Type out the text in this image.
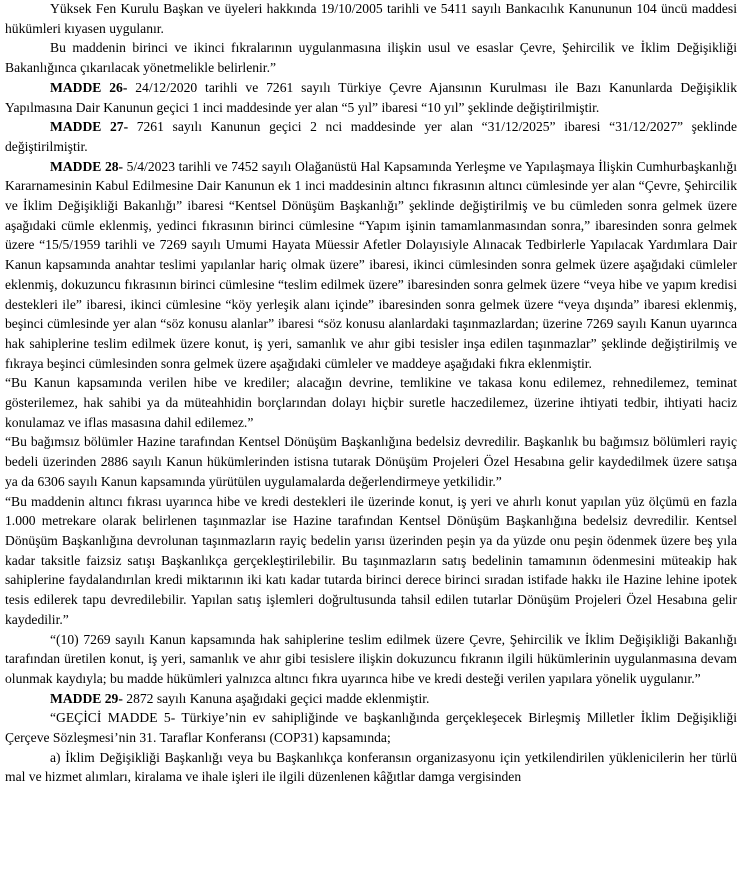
Yüksek Fen Kurulu Başkan ve üyeleri hakkında 19/10/2005 tarihli ve 5411 sayılı Bankacılık Kanununun 104 üncü maddesi hükümleri kıyasen uygulanır.

Bu maddenin birinci ve ikinci fıkralarının uygulanmasına ilişkin usul ve esaslar Çevre, Şehircilik ve İklim Değişikliği Bakanlığınca çıkarılacak yönetmelikle belirlenir.”

MADDE 26- 24/12/2020 tarihli ve 7261 sayılı Türkiye Çevre Ajansının Kurulması ile Bazı Kanunlarda Değişiklik Yapılmasına Dair Kanunun geçici 1 inci maddesinde yer alan “5 yıl” ibaresi “10 yıl” şeklinde değiştirilmiştir.

MADDE 27- 7261 sayılı Kanunun geçici 2 nci maddesinde yer alan “31/12/2025” ibaresi “31/12/2027” şeklinde değiştirilmiştir.

MADDE 28- 5/4/2023 tarihli ve 7452 sayılı Olağanüstü Hal Kapsamında Yerleşme ve Yapılaşmaya İlişkin Cumhurbaşkanlığı Kararnamesinin Kabul Edilmesine Dair Kanunun ek 1 inci maddesinin altıncı fıkrasının altıncı cümlesinde yer alan “Çevre, Şehircilik ve İklim Değişikliği Bakanlığı” ibaresi “Kentsel Dönüşüm Başkanlığı” şeklinde değiştirilmiş ve bu cümleden sonra gelmek üzere aşağıdaki cümle eklenmiş, yedinci fıkrasının birinci cümlesine “Yapım işinin tamamlanmasından sonra,” ibaresinden sonra gelmek üzere “15/5/1959 tarihli ve 7269 sayılı Umumi Hayata Müessir Afetler Dolayısiyle Alınacak Tedbirlerle Yapılacak Yardımlara Dair Kanun kapsamında anahtar teslimi yapılanlar hariç olmak üzere” ibaresi, ikinci cümlesinden sonra gelmek üzere aşağıdaki cümleler eklenmiş, dokuzuncu fıkrasının birinci cümlesine “teslim edilmek üzere” ibaresinden sonra gelmek üzere “veya hibe ve yapım kredisi destekleri ile” ibaresi, ikinci cümlesine “köy yerleşik alanı içinde” ibaresinden sonra gelmek üzere “veya dışında” ibaresi eklenmiş, beşinci cümlesinde yer alan “söz konusu alanlar” ibaresi “söz konusu alanlardaki taşınmazlardan; üzerine 7269 sayılı Kanun uyarınca hak sahiplerine teslim edilmek üzere konut, iş yeri, samanlık ve ahır gibi tesisler inşa edilen taşınmazlar” şeklinde değiştirilmiş ve fıkraya beşinci cümlesinden sonra gelmek üzere aşağıdaki cümleler ve maddeye aşağıdaki fıkra eklenmiştir.

“Bu Kanun kapsamında verilen hibe ve krediler; alacağın devrine, temlikine ve takasa konu edilemez, rehnedilemez, teminat gösterilemez, hak sahibi ya da müteahhidin borçlarından dolayı hiçbir suretle haczedilemez, üzerine ihtiyati tedbir, ihtiyati haciz konulamaz ve iflas masasına dahil edilemez.”

“Bu bağımsız bölümler Hazine tarafından Kentsel Dönüşüm Başkanlığına bedelsiz devredilir. Başkanlık bu bağımsız bölümleri rayiç bedeli üzerinden 2886 sayılı Kanun hükümlerinden istisna tutarak Dönüşüm Projeleri Özel Hesabına gelir kaydedilmek üzere satışa ya da 6306 sayılı Kanun kapsamında yürütülen uygulamalarda değerlendirmeye yetkilidir.”

“Bu maddenin altıncı fıkrası uyarınca hibe ve kredi destekleri ile üzerinde konut, iş yeri ve ahırlı konut yapılan yüz ölçümü en fazla 1.000 metrekare olarak belirlenen taşınmazlar ise Hazine tarafından Kentsel Dönüşüm Başkanlığına bedelsiz devredilir. Kentsel Dönüşüm Başkanlığına devrolunan taşınmazların rayiç bedelin yarısı üzerinden peşin ya da yüzde onu peşin ödenmek üzere beş yıla kadar taksitle faizsiz satışı Başkanlıkça gerçekleştirilebilir. Bu taşınmazların satış bedelinin tamamının ödenmesini müteakip hak sahiplerine faydalandırılan kredi miktarının iki katı kadar tutarda birinci derece birinci sıradan istifade hakkı ile Hazine lehine ipotek tesis edilerek tapu devredilebilir. Yapılan satış işlemleri doğrultusunda tahsil edilen tutarlar Dönüşüm Projeleri Özel Hesabına gelir kaydedilir.”

“(10) 7269 sayılı Kanun kapsamında hak sahiplerine teslim edilmek üzere Çevre, Şehircilik ve İklim Değişikliği Bakanlığı tarafından üretilen konut, iş yeri, samanlık ve ahır gibi tesislere ilişkin dokuzuncu fıkranın ilgili hükümlerinin uygulanmasına devam olunmak kaydıyla; bu madde hükümleri yalnızca altıncı fıkra uyarınca hibe ve kredi desteği verilen yapılara yönelik uygulanır.”

MADDE 29- 2872 sayılı Kanuna aşağıdaki geçici madde eklenmiştir.

“GEÇİCİ MADDE 5- Türkiye’nin ev sahipliğinde ve başkanlığında gerçekleşecek Birleşmiş Milletler İklim Değişikliği Çerçeve Sözleşmesi’nin 31. Taraflar Konferansı (COP31) kapsamında;

a) İklim Değişikliği Başkanlığı veya bu Başkanlıkça konferansın organizasyonu için yetkilendirilen yüklenicilerin her türlü mal ve hizmet alımları, kiralama ve ihale işleri ile ilgili düzenlenen kâğıtlar damga vergisinden
